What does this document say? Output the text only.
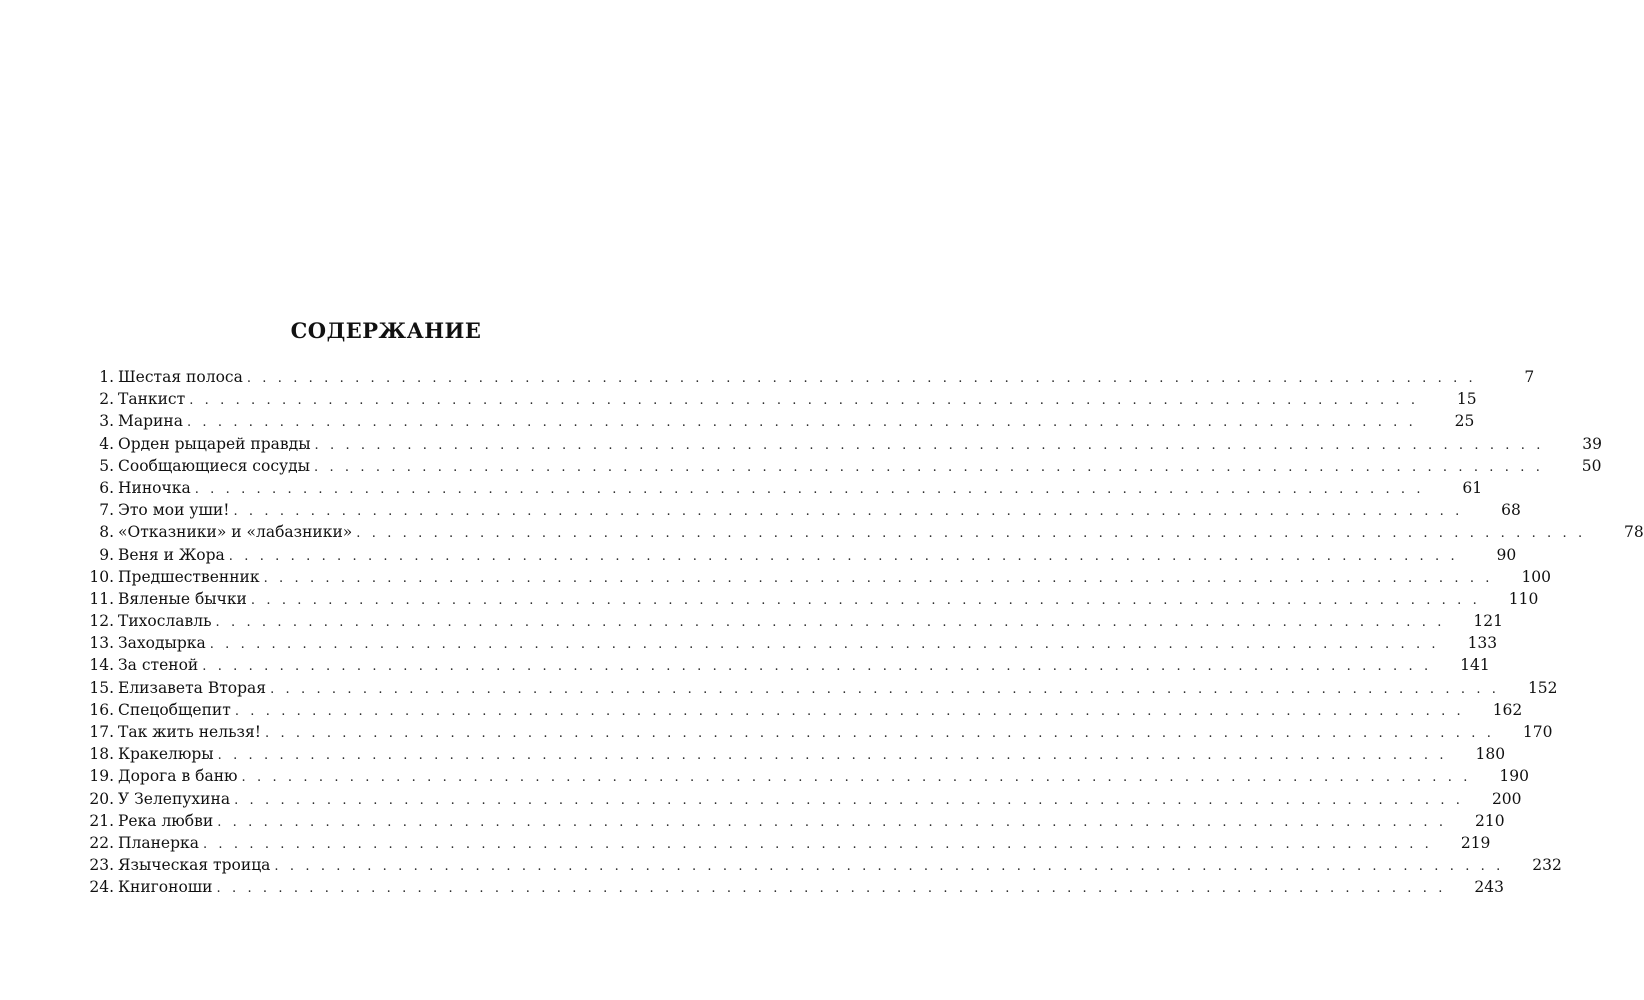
СОДЕРЖАНИЕ
1. Шестая полоса . . . . . . . . . . . . . . . . . . . . . . . . . . . . . . . . . . . . . . . . . . . . . . . . . . . . . . . . . . . . . . . . . . . . . . . . . . . . . . . .	7
2. Танкист . . . . . . . . . . . . . . . . . . . . . . . . . . . . . . . . . . . . . . . . . . . . . . . . . . . . . . . . . . . . . . . . . . . . . . . . . . . . . . . .	15
3. Марина . . . . . . . . . . . . . . . . . . . . . . . . . . . . . . . . . . . . . . . . . . . . . . . . . . . . . . . . . . . . . . . . . . . . . . . . . . . . . . . .	25
4. Орден рыцарей правды . . . . . . . . . . . . . . . . . . . . . . . . . . . . . . . . . . . . . . . . . . . . . . . . . . . . . . . . . . . . . . . . . . . . . . . . . . . . . . . .	39
5. Сообщающиеся сосуды . . . . . . . . . . . . . . . . . . . . . . . . . . . . . . . . . . . . . . . . . . . . . . . . . . . . . . . . . . . . . . . . . . . . . . . . . . . . . . . .	50
6. Ниночка . . . . . . . . . . . . . . . . . . . . . . . . . . . . . . . . . . . . . . . . . . . . . . . . . . . . . . . . . . . . . . . . . . . . . . . . . . . . . . . .	61
7. Это мои уши! . . . . . . . . . . . . . . . . . . . . . . . . . . . . . . . . . . . . . . . . . . . . . . . . . . . . . . . . . . . . . . . . . . . . . . . . . . . . . . . .	68
8. «Отказники» и «лабазники» . . . . . . . . . . . . . . . . . . . . . . . . . . . . . . . . . . . . . . . . . . . . . . . . . . . . . . . . . . . . . . . . . . . . . . . . . . . . . . . .	78
9. Веня и Жора . . . . . . . . . . . . . . . . . . . . . . . . . . . . . . . . . . . . . . . . . . . . . . . . . . . . . . . . . . . . . . . . . . . . . . . . . . . . . . . .	90
10. Предшественник . . . . . . . . . . . . . . . . . . . . . . . . . . . . . . . . . . . . . . . . . . . . . . . . . . . . . . . . . . . . . . . . . . . . . . . . . . . . . . . .	100
11. Вяленые бычки . . . . . . . . . . . . . . . . . . . . . . . . . . . . . . . . . . . . . . . . . . . . . . . . . . . . . . . . . . . . . . . . . . . . . . . . . . . . . . . .	110
12. Тихославль . . . . . . . . . . . . . . . . . . . . . . . . . . . . . . . . . . . . . . . . . . . . . . . . . . . . . . . . . . . . . . . . . . . . . . . . . . . . . . . .	121
13. Заходырка . . . . . . . . . . . . . . . . . . . . . . . . . . . . . . . . . . . . . . . . . . . . . . . . . . . . . . . . . . . . . . . . . . . . . . . . . . . . . . . .	133
14. За стеной . . . . . . . . . . . . . . . . . . . . . . . . . . . . . . . . . . . . . . . . . . . . . . . . . . . . . . . . . . . . . . . . . . . . . . . . . . . . . . . .	141
15. Елизавета Вторая . . . . . . . . . . . . . . . . . . . . . . . . . . . . . . . . . . . . . . . . . . . . . . . . . . . . . . . . . . . . . . . . . . . . . . . . . . . . . . . .	152
16. Спецобщепит . . . . . . . . . . . . . . . . . . . . . . . . . . . . . . . . . . . . . . . . . . . . . . . . . . . . . . . . . . . . . . . . . . . . . . . . . . . . . . . .	162
17. Так жить нельзя! . . . . . . . . . . . . . . . . . . . . . . . . . . . . . . . . . . . . . . . . . . . . . . . . . . . . . . . . . . . . . . . . . . . . . . . . . . . . . . . .	170
18. Кракелюры . . . . . . . . . . . . . . . . . . . . . . . . . . . . . . . . . . . . . . . . . . . . . . . . . . . . . . . . . . . . . . . . . . . . . . . . . . . . . . . .	180
19. Дорога в баню . . . . . . . . . . . . . . . . . . . . . . . . . . . . . . . . . . . . . . . . . . . . . . . . . . . . . . . . . . . . . . . . . . . . . . . . . . . . . . . .	190
20. У Зелепухина . . . . . . . . . . . . . . . . . . . . . . . . . . . . . . . . . . . . . . . . . . . . . . . . . . . . . . . . . . . . . . . . . . . . . . . . . . . . . . . .	200
21. Река любви . . . . . . . . . . . . . . . . . . . . . . . . . . . . . . . . . . . . . . . . . . . . . . . . . . . . . . . . . . . . . . . . . . . . . . . . . . . . . . . .	210
22. Планерка . . . . . . . . . . . . . . . . . . . . . . . . . . . . . . . . . . . . . . . . . . . . . . . . . . . . . . . . . . . . . . . . . . . . . . . . . . . . . . . .	219
23. Языческая троица . . . . . . . . . . . . . . . . . . . . . . . . . . . . . . . . . . . . . . . . . . . . . . . . . . . . . . . . . . . . . . . . . . . . . . . . . . . . . . . .	232
24. Книгоноши . . . . . . . . . . . . . . . . . . . . . . . . . . . . . . . . . . . . . . . . . . . . . . . . . . . . . . . . . . . . . . . . . . . . . . . . . . . . . . . .	243
